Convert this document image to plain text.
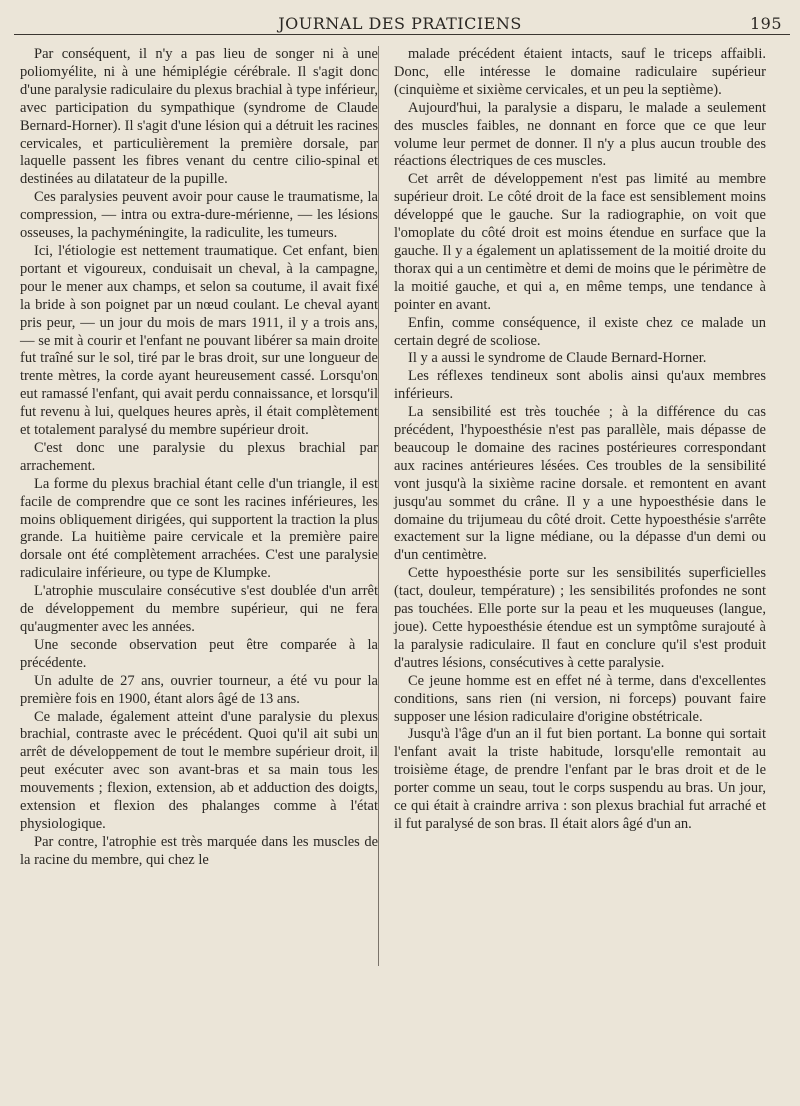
JOURNAL DES PRATICIENS	195

Par conséquent, il n'y a pas lieu de songer ni à une poliomyélite, ni à une hémiplégie cérébrale. Il s'agit donc d'une paralysie radiculaire du plexus brachial à type inférieur, avec participation du sympathique (syndrome de Claude Bernard-Horner). Il s'agit d'une lésion qui a détruit les racines cervicales, et particulièrement la première dorsale, par laquelle passent les fibres venant du centre cilio-spinal et destinées au dilatateur de la pupille.

Ces paralysies peuvent avoir pour cause le traumatisme, la compression, — intra ou extra-dure-mérienne, — les lésions osseuses, la pachyméningite, la radiculite, les tumeurs.

Ici, l'étiologie est nettement traumatique. Cet enfant, bien portant et vigoureux, conduisait un cheval, à la campagne, pour le mener aux champs, et selon sa coutume, il avait fixé la bride à son poignet par un nœud coulant. Le cheval ayant pris peur, — un jour du mois de mars 1911, il y a trois ans, — se mit à courir et l'enfant ne pouvant libérer sa main droite fut traîné sur le sol, tiré par le bras droit, sur une longueur de trente mètres, la corde ayant heureusement cassé. Lorsqu'on eut ramassé l'enfant, qui avait perdu connaissance, et lorsqu'il fut revenu à lui, quelques heures après, il était complètement et totalement paralysé du membre supérieur droit.

C'est donc une paralysie du plexus brachial par arrachement.

La forme du plexus brachial étant celle d'un triangle, il est facile de comprendre que ce sont les racines inférieures, les moins obliquement dirigées, qui supportent la traction la plus grande. La huitième paire cervicale et la première paire dorsale ont été complètement arrachées. C'est une paralysie radiculaire inférieure, ou type de Klumpke.

L'atrophie musculaire consécutive s'est doublée d'un arrêt de développement du membre supérieur, qui ne fera qu'augmenter avec les années.

Une seconde observation peut être comparée à la précédente.

Un adulte de 27 ans, ouvrier tourneur, a été vu pour la première fois en 1900, étant alors âgé de 13 ans.

Ce malade, également atteint d'une paralysie du plexus brachial, contraste avec le précédent. Quoi qu'il ait subi un arrêt de développement de tout le membre supérieur droit, il peut exécuter avec son avant-bras et sa main tous les mouvements ; flexion, extension, ab et adduction des doigts, extension et flexion des phalanges comme à l'état physiologique.

Par contre, l'atrophie est très marquée dans les muscles de la racine du membre, qui chez le

malade précédent étaient intacts, sauf le triceps affaibli. Donc, elle intéresse le domaine radiculaire supérieur (cinquième et sixième cervicales, et un peu la septième).

Aujourd'hui, la paralysie a disparu, le malade a seulement des muscles faibles, ne donnant en force que ce que leur volume leur permet de donner. Il n'y a plus aucun trouble des réactions électriques de ces muscles.

Cet arrêt de développement n'est pas limité au membre supérieur droit. Le côté droit de la face est sensiblement moins développé que le gauche. Sur la radiographie, on voit que l'omoplate du côté droit est moins étendue en surface que la gauche. Il y a également un aplatissement de la moitié droite du thorax qui a un centimètre et demi de moins que le périmètre de la moitié gauche, et qui a, en même temps, une tendance à pointer en avant.

Enfin, comme conséquence, il existe chez ce malade un certain degré de scoliose.

Il y a aussi le syndrome de Claude Bernard-Horner.

Les réflexes tendineux sont abolis ainsi qu'aux membres inférieurs.

La sensibilité est très touchée ; à la différence du cas précédent, l'hypoesthésie n'est pas parallèle, mais dépasse de beaucoup le domaine des racines postérieures correspondant aux racines antérieures lésées. Ces troubles de la sensibilité vont jusqu'à la sixième racine dorsale. et remontent en avant jusqu'au sommet du crâne. Il y a une hypoesthésie dans le domaine du trijumeau du côté droit. Cette hypoesthésie s'arrête exactement sur la ligne médiane, ou la dépasse d'un demi ou d'un centimètre.

Cette hypoesthésie porte sur les sensibilités superficielles (tact, douleur, température) ; les sensibilités profondes ne sont pas touchées. Elle porte sur la peau et les muqueuses (langue, joue). Cette hypoesthésie étendue est un symptôme surajouté à la paralysie radiculaire. Il faut en conclure qu'il s'est produit d'autres lésions, consécutives à cette paralysie.

Ce jeune homme est en effet né à terme, dans d'excellentes conditions, sans rien (ni version, ni forceps) pouvant faire supposer une lésion radiculaire d'origine obstétricale.

Jusqu'à l'âge d'un an il fut bien portant. La bonne qui sortait l'enfant avait la triste habitude, lorsqu'elle remontait au troisième étage, de prendre l'enfant par le bras droit et de le porter comme un seau, tout le corps suspendu au bras. Un jour, ce qui était à craindre arriva : son plexus brachial fut arraché et il fut paralysé de son bras. Il était alors âgé d'un an.
